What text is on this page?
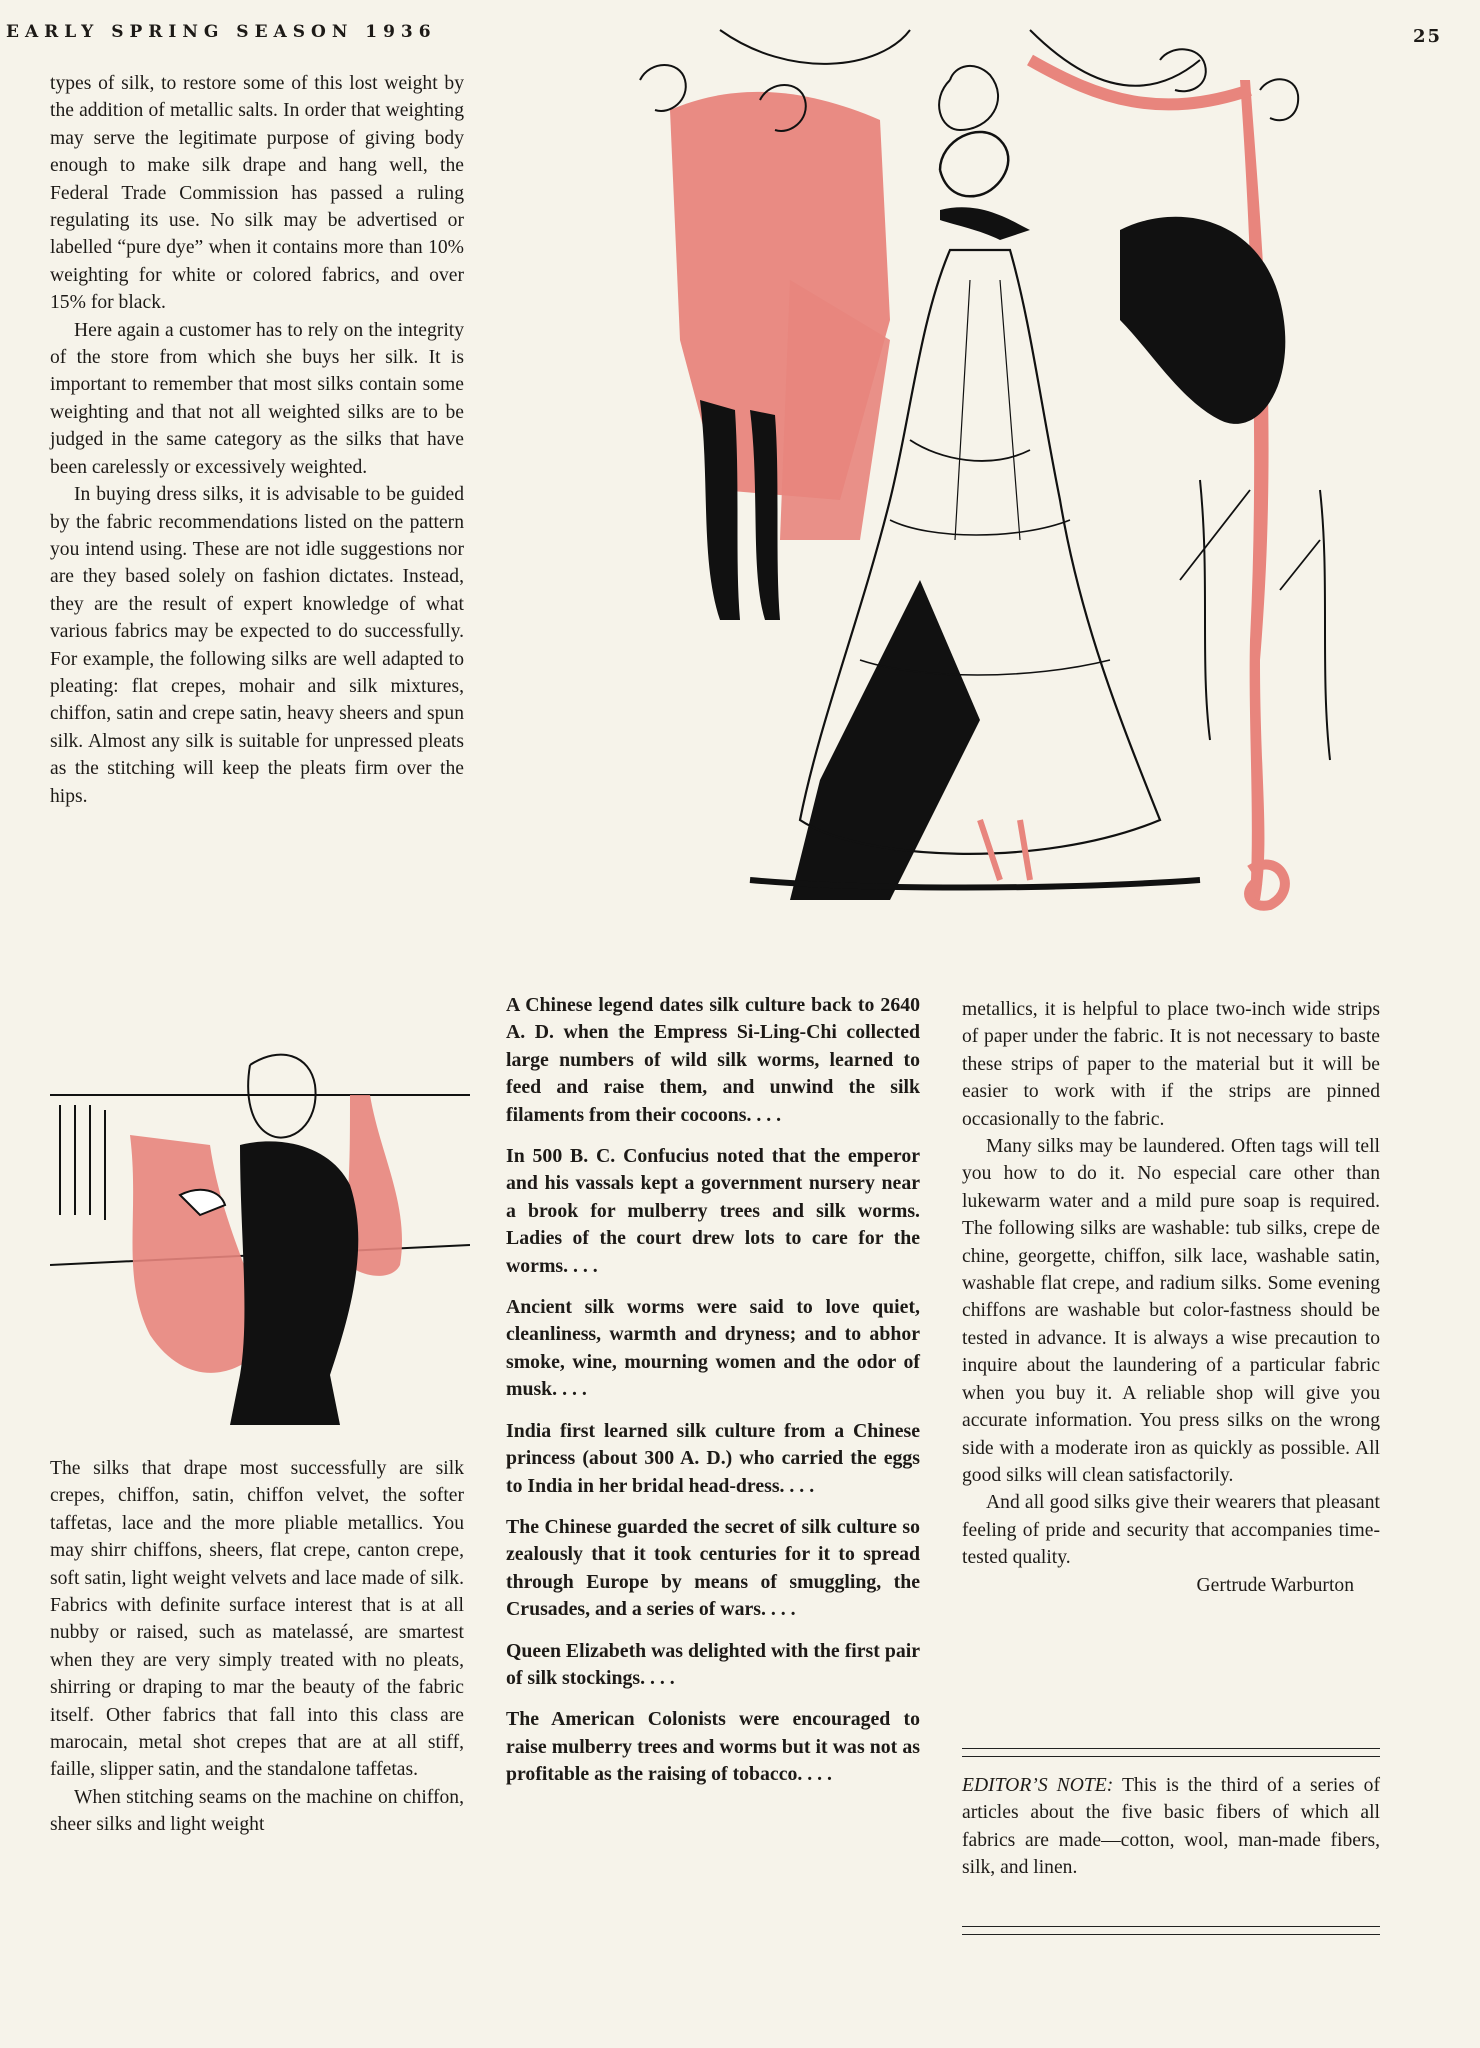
EARLY SPRING SEASON 1936	25

types of silk, to restore some of this lost weight by the addition of metallic salts. In order that weighting may serve the legitimate purpose of giving body enough to make silk drape and hang well, the Federal Trade Commission has passed a ruling regulating its use. No silk may be advertised or labelled “pure dye” when it contains more than 10% weighting for white or colored fabrics, and over 15% for black.

Here again a customer has to rely on the integrity of the store from which she buys her silk. It is important to remember that most silks contain some weighting and that not all weighted silks are to be judged in the same category as the silks that have been carelessly or excessively weighted.

In buying dress silks, it is advisable to be guided by the fabric recommendations listed on the pattern you intend using. These are not idle suggestions nor are they based solely on fashion dictates. Instead, they are the result of expert knowledge of what various fabrics may be expected to do successfully. For example, the following silks are well adapted to pleating: flat crepes, mohair and silk mixtures, chiffon, satin and crepe satin, heavy sheers and spun silk. Almost any silk is suitable for unpressed pleats as the stitching will keep the pleats firm over the hips.

The silks that drape most successfully are silk crepes, chiffon, satin, chiffon velvet, the softer taffetas, lace and the more pliable metallics. You may shirr chiffons, sheers, flat crepe, canton crepe, soft satin, light weight velvets and lace made of silk. Fabrics with definite surface interest that is at all nubby or raised, such as matelassé, are smartest when they are very simply treated with no pleats, shirring or draping to mar the beauty of the fabric itself. Other fabrics that fall into this class are marocain, metal shot crepes that are at all stiff, faille, slipper satin, and the standalone taffetas.

When stitching seams on the machine on chiffon, sheer silks and light weight

A Chinese legend dates silk culture back to 2640 A. D. when the Empress Si-Ling-Chi collected large numbers of wild silk worms, learned to feed and raise them, and unwind the silk filaments from their cocoons. . . .

In 500 B. C. Confucius noted that the emperor and his vassals kept a government nursery near a brook for mulberry trees and silk worms. Ladies of the court drew lots to care for the worms. . . .

Ancient silk worms were said to love quiet, cleanliness, warmth and dryness; and to abhor smoke, wine, mourning women and the odor of musk. . . .

India first learned silk culture from a Chinese princess (about 300 A. D.) who carried the eggs to India in her bridal head-dress. . . .

The Chinese guarded the secret of silk culture so zealously that it took centuries for it to spread through Europe by means of smuggling, the Crusades, and a series of wars. . . .

Queen Elizabeth was delighted with the first pair of silk stockings. . . .

The American Colonists were encouraged to raise mulberry trees and worms but it was not as profitable as the raising of tobacco. . . .

metallics, it is helpful to place two-inch wide strips of paper under the fabric. It is not necessary to baste these strips of paper to the material but it will be easier to work with if the strips are pinned occasionally to the fabric.

Many silks may be laundered. Often tags will tell you how to do it. No especial care other than lukewarm water and a mild pure soap is required. The following silks are washable: tub silks, crepe de chine, georgette, chiffon, silk lace, washable satin, washable flat crepe, and radium silks. Some evening chiffons are washable but color-fastness should be tested in advance. It is always a wise precaution to inquire about the laundering of a particular fabric when you buy it. A reliable shop will give you accurate information. You press silks on the wrong side with a moderate iron as quickly as possible. All good silks will clean satisfactorily.

And all good silks give their wearers that pleasant feeling of pride and security that accompanies time-tested quality.

Gertrude Warburton

EDITOR’S NOTE: This is the third of a series of articles about the five basic fibers of which all fabrics are made—cotton, wool, man-made fibers, silk, and linen.
